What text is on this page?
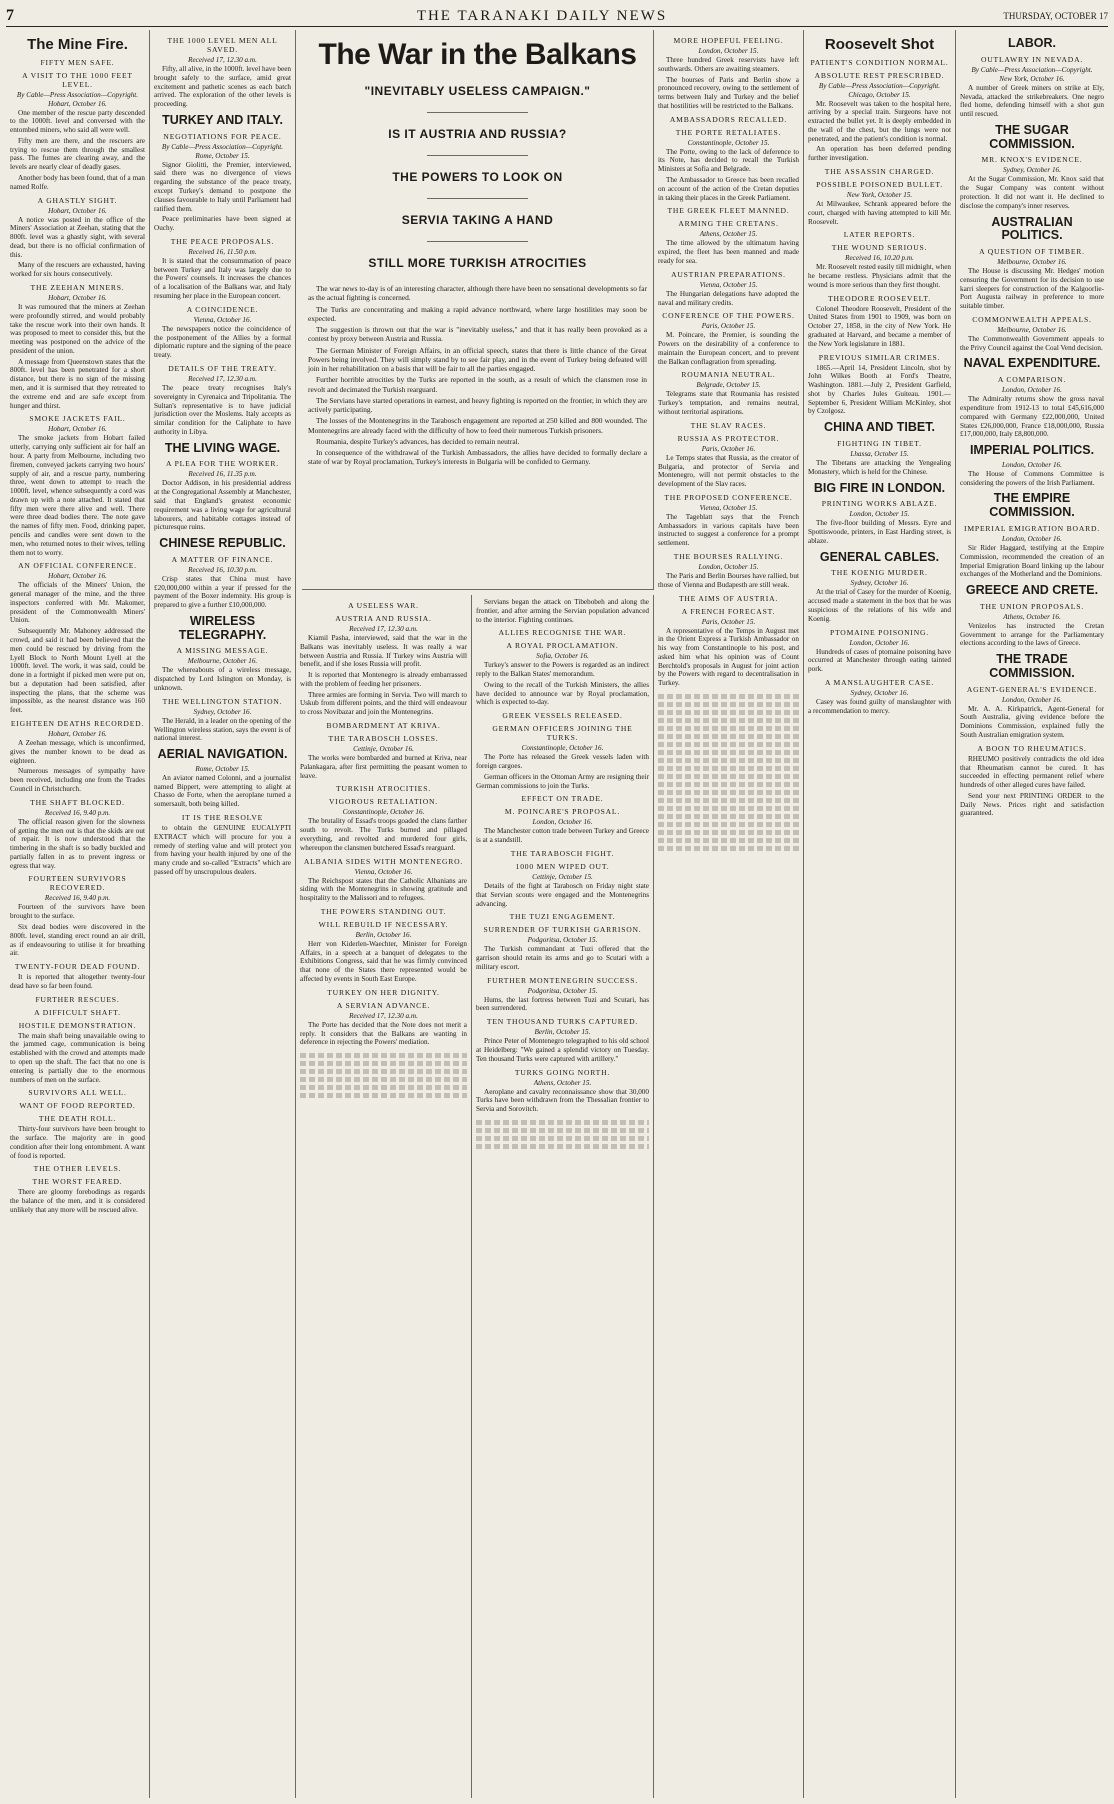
7	THE TARANAKI DAILY NEWS	THURSDAY, OCTOBER 17
The Mine Fire.
FIFTY MEN SAFE.
A VISIT TO THE 1000 FEET LEVEL.
By Cable—Press Association—Copyright.
Hobart, October 16.

One member of the rescue party descended to the 1000ft. level and conversed with the entombed miners, who said all were well.

Fifty men are there, and the rescuers are trying to rescue them through the smallest pass. The fumes are clearing away, and the levels are nearly clear of deadly gases.

Another body has been found, that of a man named Rolfe.

A GHASTLY SIGHT.
Hobart, October 16.

A notice was posted in the office of the Miners' Association at Zeehan, stating that the 800ft. level was a ghastly sight, with several dead, but there is no official confirmation of this.

Many of the rescuers are exhausted, having worked for six hours consecutively.

THE ZEEHAN MINERS.
Hobart, October 16.

It was rumoured that the miners at Zeehan were profoundly stirred, and would probably take the rescue work into their own hands. It was proposed to meet to consider this, but the meeting was postponed on the advice of the president of the union.

A message from Queenstown states that the 800ft. level has been penetrated for a short distance, but there is no sign of the missing men, and it is surmised that they retreated to the extreme end and are safe except from hunger and thirst.

SMOKE JACKETS FAIL.
Hobart, October 16.

The smoke jackets from Hobart failed utterly, carrying only sufficient air for half an hour. A party from Melbourne, including two firemen, conveyed jackets carrying two hours' supply of air, and a rescue party, numbering three, went down to attempt to reach the 1000ft. level, whence subsequently a cord was drawn up with a note attached. It stated that fifty men were there alive and well. There were three dead bodies there. The note gave the names of fifty men. Food, drinking paper, pencils and candles were sent down to the men, who returned notes to their wives, telling them not to worry.

AN OFFICIAL CONFERENCE.
Hobart, October 16.

The officials of the Miners' Union, the general manager of the mine, and the three inspectors conferred with Mr. Makomer, president of the Commonwealth Miners' Union.

Subsequently Mr. Mahoney addressed the crowd, and said it had been believed that the men could be rescued by driving from the Lyell Block to North Mount Lyell at the 1000ft. level. The work, it was said, could be done in a fortnight if picked men were put on, but a deputation had been satisfied, after inspecting the plans, that the scheme was impossible, as the nearest distance was 160 feet.

EIGHTEEN DEATHS RECORDED.
Hobart, October 16.

A Zeehan message, which is unconfirmed, gives the number known to be dead as eighteen.

Numerous messages of sympathy have been received, including one from the Trades Council in Christchurch.

THE SHAFT BLOCKED.
Received 16, 9.40 p.m.

The official reason given for the slowness of getting the men out is that the skids are out of repair. It is now understood that the timbering in the shaft is so badly buckled and partially fallen in as to prevent ingress or egress that way.

FOURTEEN SURVIVORS RECOVERED.
Received 16, 9.40 p.m.

Fourteen of the survivors have been brought to the surface.

Six dead bodies were discovered in the 800ft. level, standing erect round an air drill, as if endeavouring to utilise it for breathing air.

TWENTY-FOUR DEAD FOUND.

It is reported that altogether twenty-four dead have so far been found.

FURTHER RESCUES.
A DIFFICULT SHAFT.
HOSTILE DEMONSTRATION.

The main shaft being unavailable owing to the jammed cage, communication is being established with the crowd and attempts made to open up the shaft. The fact that no one is entering is partially due to the enormous numbers of men on the surface.

SURVIVORS ALL WELL.
WANT OF FOOD REPORTED.
THE DEATH ROLL.

Thirty-four survivors have been brought to the surface. The majority are in good condition after their long entombment. A want of food is reported.

THE OTHER LEVELS.
THE WORST FEARED.

There are gloomy forebodings as regards the balance of the men, and it is considered unlikely that any more will be rescued alive.

THE 1000 LEVEL MEN ALL SAVED.
Received 17, 12.30 a.m.

Fifty, all alive, in the 1000ft. level have been brought safely to the surface, amid great excitement and pathetic scenes as each batch arrived. The exploration of the other levels is proceeding.

TURKEY AND ITALY.
NEGOTIATIONS FOR PEACE.
By Cable—Press Association—Copyright.
Rome, October 15.

Signor Giolitti, the Premier, interviewed, said there was no divergence of views regarding the substance of the peace treaty, except Turkey's demand to postpone the clauses favourable to Italy until Parliament had ratified them.

Peace preliminaries have been signed at Ouchy.

THE PEACE PROPOSALS.
Received 16, 11.50 p.m.

It is stated that the consummation of peace between Turkey and Italy was largely due to the Powers' counsels. It increases the chances of a localisation of the Balkans war, and Italy resuming her place in the European concert.

A COINCIDENCE.
Vienna, October 16.

The newspapers notice the coincidence of the postponement of the Allies by a formal diplomatic rupture and the signing of the peace treaty.

DETAILS OF THE TREATY.
Received 17, 12.30 a.m.

The peace treaty recognises Italy's sovereignty in Cyrenaica and Tripolitania. The Sultan's representative is to have judicial jurisdiction over the Moslems. Italy accepts as similar condition for the Caliphate to have authority in Libya.

THE LIVING WAGE.
A PLEA FOR THE WORKER.
Received 16, 11.35 p.m.

Doctor Addison, in his presidential address at the Congregational Assembly at Manchester, said that England's greatest economic requirement was a living wage for agricultural labourers, and habitable cottages instead of picturesque ruins.

CHINESE REPUBLIC.
A MATTER OF FINANCE.
Received 16, 10.30 p.m.

Crisp states that China must have £20,000,000 within a year if pressed for the payment of the Boxer indemnity. His group is prepared to give a further £10,000,000.

WIRELESS TELEGRAPHY.
A MISSING MESSAGE.
Melbourne, October 16.

The whereabouts of a wireless message, dispatched by Lord Islington on Monday, is unknown.

THE WELLINGTON STATION.
Sydney, October 16.

The Herald, in a leader on the opening of the Wellington wireless station, says the event is of national interest.

AERIAL NAVIGATION.
Rome, October 15.

An aviator named Colonni, and a journalist named Bippert, were attempting to alight at Chasso de Forte, when the aeroplane turned a somersault, both being killed.

IT IS THE RESOLVE

to obtain the GENUINE EUCALYPTI EXTRACT which will procure for you a remedy of sterling value and will protect you from having your health injured by one of the many crude and so-called "Extracts" which are passed off by unscrupulous dealers.

The War in the Balkans
"INEVITABLY USELESS CAMPAIGN."
IS IT AUSTRIA AND RUSSIA?
THE POWERS TO LOOK ON
SERVIA TAKING A HAND
STILL MORE TURKISH ATROCITIES

The war news to-day is of an interesting character, although there have been no sensational developments so far as the actual fighting is concerned.

The Turks are concentrating and making a rapid advance northward, where large hostilities may soon be expected.

The suggestion is thrown out that the war is "inevitably useless," and that it has really been provoked as a contest by proxy between Austria and Russia.

The German Minister of Foreign Affairs, in an official speech, states that there is little chance of the Great Powers being involved. They will simply stand by to see fair play, and in the event of Turkey being defeated will join in her rehabilitation on a basis that will be fair to all the parties engaged.

Further horrible atrocities by the Turks are reported in the south, as a result of which the clansmen rose in revolt and decimated the Turkish rearguard.

The Servians have started operations in earnest, and heavy fighting is reported on the frontier, in which they are actively participating.

The losses of the Montenegrins in the Tarabosch engagement are reported at 250 killed and 800 wounded. The Montenegrins are already faced with the difficulty of how to feed their numerous Turkish prisoners.

Roumania, despite Turkey's advances, has decided to remain neutral.

In consequence of the withdrawal of the Turkish Ambassadors, the allies have decided to formally declare a state of war by Royal proclamation, Turkey's interests in Bulgaria will be confided to Germany.

A USELESS WAR.
AUSTRIA AND RUSSIA.
Received 17, 12.30 a.m.

Kiamil Pasha, interviewed, said that the war in the Balkans was inevitably useless. It was really a war between Austria and Russia. If Turkey wins Austria will benefit, and if she loses Russia will profit.

It is reported that Montenegro is already embarrassed with the problem of feeding her prisoners.

Three armies are forming in Servia. Two will march to Uskub from different points, and the third will endeavour to cross Novibazar and join the Montenegrins.

BOMBARDMENT AT KRIVA.
THE TARABOSCH LOSSES.
Cettinje, October 16.

The works were bombarded and burned at Kriva, near Palankagara, after first permitting the peasant women to leave.

TURKISH ATROCITIES.
VIGOROUS RETALIATION.
Constantinople, October 16.

The brutality of Essad's troops goaded the clans farther south to revolt. The Turks burned and pillaged everything, and revolted and murdered four girls, whereupon the clansmen butchered Essad's rearguard.

ALBANIA SIDES WITH MONTENEGRO.
Vienna, October 16.

The Reichspost states that the Catholic Albanians are siding with the Montenegrins in showing gratitude and hospitality to the Malissori and to refugees.

THE POWERS STANDING OUT.
WILL REBUILD IF NECESSARY.
Berlin, October 16.

Herr von Kiderlen-Waechter, Minister for Foreign Affairs, in a speech at a banquet of delegates to the Exhibitions Congress, said that he was firmly convinced that none of the States there represented would be affected by events in South East Europe.

TURKEY ON HER DIGNITY.
A SERVIAN ADVANCE.
Received 17, 12.30 a.m.

The Porte has decided that the Note does not merit a reply. It considers that the Balkans are wanting in deference in rejecting the Powers' mediation.

Servians began the attack on Tibebobeh and along the frontier, and after arming the Servian population advanced to the interior. Fighting continues.

ALLIES RECOGNISE THE WAR.
A ROYAL PROCLAMATION.
Sofia, October 16.

Turkey's answer to the Powers is regarded as an indirect reply to the Balkan States' memorandum.

Owing to the recall of the Turkish Ministers, the allies have decided to announce war by Royal proclamation, which is expected to-day.

GREEK VESSELS RELEASED.
GERMAN OFFICERS JOINING THE TURKS.
Constantinople, October 16.

The Porte has released the Greek vessels laden with foreign cargoes.

German officers in the Ottoman Army are resigning their German commissions to join the Turks.

EFFECT ON TRADE.
M. POINCARE'S PROPOSAL.
London, October 16.

The Manchester cotton trade between Turkey and Greece is at a standstill.

THE TARABOSCH FIGHT.
1000 MEN WIPED OUT.
Cettinje, October 15.

Details of the fight at Tarabosch on Friday night state that Servian scouts were engaged and the Montenegrins advancing.

THE TUZI ENGAGEMENT.
SURRENDER OF TURKISH GARRISON.
Podgoritsa, October 15.

The Turkish commandant at Tuzi offered that the garrison should retain its arms and go to Scutari with a military escort.

FURTHER MONTENEGRIN SUCCESS.
Podgoritsa, October 15.

Hums, the last fortress between Tuzi and Scutari, has been surrendered.

TEN THOUSAND TURKS CAPTURED.
Berlin, October 15.

Prince Peter of Montenegro telegraphed to his old school at Heidelberg: "We gained a splendid victory on Tuesday. Ten thousand Turks were captured with artillery."

TURKS GOING NORTH.
Athens, October 15.

Aeroplane and cavalry reconnaissance show that 30,000 Turks have been withdrawn from the Thessalian frontier to Servia and Sorovitch.

MORE HOPEFUL FEELING.
London, October 15.

Three hundred Greek reservists have left southwards. Others are awaiting steamers.

The bourses of Paris and Berlin show a pronounced recovery, owing to the settlement of terms between Italy and Turkey and the belief that hostilities will be restricted to the Balkans.

AMBASSADORS RECALLED.
THE PORTE RETALIATES.
Constantinople, October 15.

The Porte, owing to the lack of deference to its Note, has decided to recall the Turkish Ministers at Sofia and Belgrade.

The Ambassador to Greece has been recalled on account of the action of the Cretan deputies in taking their places in the Greek Parliament.

THE GREEK FLEET MANNED.
ARMING THE CRETANS.
Athens, October 15.

The time allowed by the ultimatum having expired, the fleet has been manned and made ready for sea.

AUSTRIAN PREPARATIONS.
Vienna, October 15.

The Hungarian delegations have adopted the naval and military credits.

CONFERENCE OF THE POWERS.
Paris, October 15.

M. Poincare, the Premier, is sounding the Powers on the desirability of a conference to maintain the European concert, and to prevent the Balkan conflagration from spreading.

ROUMANIA NEUTRAL.
Belgrade, October 15.

Telegrams state that Roumania has resisted Turkey's temptation, and remains neutral, without territorial aspirations.

THE SLAV RACES.
RUSSIA AS PROTECTOR.
Paris, October 16.

Le Temps states that Russia, as the creator of Bulgaria, and protector of Servia and Montenegro, will not permit obstacles to the development of the Slav races.

THE PROPOSED CONFERENCE.
Vienna, October 15.

The Tageblatt says that the French Ambassadors in various capitals have been instructed to suggest a conference for a prompt settlement.

THE BOURSES RALLYING.
London, October 15.

The Paris and Berlin Bourses have rallied, but those of Vienna and Budapesth are still weak.

THE AIMS OF AUSTRIA.
A FRENCH FORECAST.
Paris, October 15.

A representative of the Temps in August met in the Orient Express a Turkish Ambassador on his way from Constantinople to his post, and asked him what his opinion was of Count Berchtold's proposals in August for joint action by the Powers with regard to decentralisation in Turkey.

Roosevelt Shot
PATIENT'S CONDITION NORMAL.
ABSOLUTE REST PRESCRIBED.
By Cable—Press Association—Copyright.
Chicago, October 15.

Mr. Roosevelt was taken to the hospital here, arriving by a special train. Surgeons have not extracted the bullet yet. It is deeply embedded in the wall of the chest, but the lungs were not penetrated, and the patient's condition is normal.

An operation has been deferred pending further investigation.

THE ASSASSIN CHARGED.
POSSIBLE POISONED BULLET.
New York, October 15.

At Milwaukee, Schrank appeared before the court, charged with having attempted to kill Mr. Roosevelt.

LATER REPORTS.
THE WOUND SERIOUS.
Received 16, 10.20 p.m.

Mr. Roosevelt rested easily till midnight, when he became restless. Physicians admit that the wound is more serious than they first thought.

THEODORE ROOSEVELT.

Colonel Theodore Roosevelt, President of the United States from 1901 to 1909, was born on October 27, 1858, in the city of New York. He graduated at Harvard, and became a member of the New York legislature in 1881.

PREVIOUS SIMILAR CRIMES.

1865.—April 14, President Lincoln, shot by John Wilkes Booth at Ford's Theatre, Washington. 1881.—July 2, President Garfield, shot by Charles Jules Guiteau. 1901.—September 6, President William McKinley, shot by Czolgosz.

CHINA AND TIBET.
FIGHTING IN TIBET.
Lhassa, October 15.

The Tibetans are attacking the Yengealing Monastery, which is held for the Chinese.

BIG FIRE IN LONDON.
PRINTING WORKS ABLAZE.
London, October 15.

The five-floor building of Messrs. Eyre and Spottiswoode, printers, in East Harding street, is ablaze.

GENERAL CABLES.
THE KOENIG MURDER.
Sydney, October 16.

At the trial of Casey for the murder of Koenig, accused made a statement in the box that he was suspicious of the relations of his wife and Koenig.

PTOMAINE POISONING.
London, October 16.

Hundreds of cases of ptomaine poisoning have occurred at Manchester through eating tainted pork.

A MANSLAUGHTER CASE.
Sydney, October 16.

Casey was found guilty of manslaughter with a recommendation to mercy.

LABOR.
OUTLAWRY IN NEVADA.
By Cable—Press Association—Copyright.
New York, October 16.

A number of Greek miners on strike at Ely, Nevada, attacked the strikebreakers. One negro fled home, defending himself with a shot gun until rescued.

THE SUGAR COMMISSION.
MR. KNOX'S EVIDENCE.
Sydney, October 16.

At the Sugar Commission, Mr. Knox said that the Sugar Company was content without protection. It did not want it. He declined to disclose the company's inner reserves.

AUSTRALIAN POLITICS.
A QUESTION OF TIMBER.
Melbourne, October 16.

The House is discussing Mr. Hedges' motion censuring the Government for its decision to use karri sleepers for construction of the Kalgoorlie-Port Augusta railway in preference to more suitable timber.

COMMONWEALTH APPEALS.
Melbourne, October 16.

The Commonwealth Government appeals to the Privy Council against the Coal Vend decision.

NAVAL EXPENDITURE.
A COMPARISON.
London, October 16.

The Admiralty returns show the gross naval expenditure from 1912-13 to total £45,616,000 compared with Germany £22,000,000, United States £26,000,000, France £18,000,000, Russia £17,000,000, Italy £8,800,000.

IMPERIAL POLITICS.
London, October 16.

The House of Commons Committee is considering the powers of the Irish Parliament.

THE EMPIRE COMMISSION.
IMPERIAL EMIGRATION BOARD.
London, October 16.

Sir Rider Haggard, testifying at the Empire Commission, recommended the creation of an Imperial Emigration Board linking up the labour exchanges of the Motherland and the Dominions.

GREECE AND CRETE.
THE UNION PROPOSALS.
Athens, October 16.

Venizelos has instructed the Cretan Government to arrange for the Parliamentary elections according to the laws of Greece.

THE TRADE COMMISSION.
AGENT-GENERAL'S EVIDENCE.
London, October 16.

Mr. A. A. Kirkpatrick, Agent-General for South Australia, giving evidence before the Dominions Commission, explained fully the South Australian emigration system.

A BOON TO RHEUMATICS.

RHEUMO positively contradicts the old idea that Rheumatism cannot be cured. It has succeeded in effecting permanent relief where hundreds of other alleged cures have failed.

Send your next PRINTING ORDER to the Daily News. Prices right and satisfaction guaranteed.
